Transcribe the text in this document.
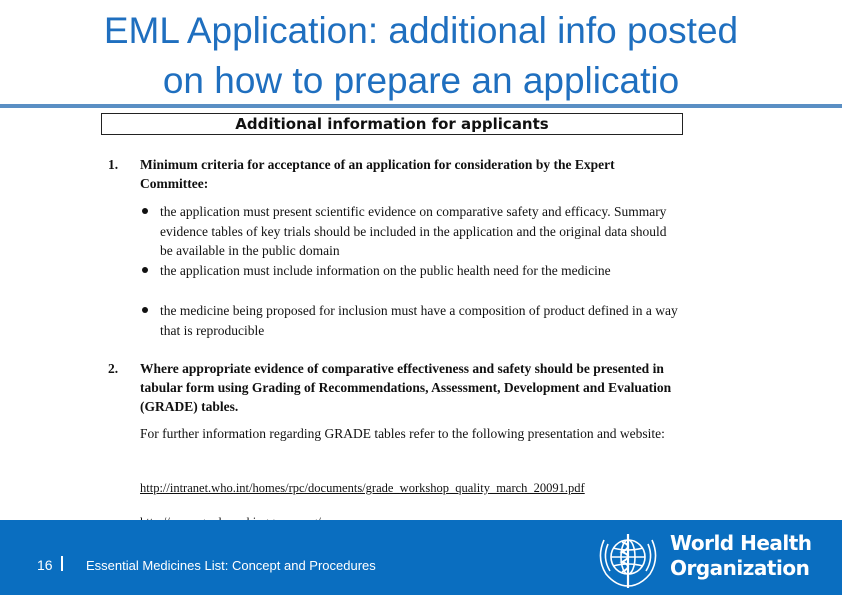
EML Application: additional info posted
on how to prepare an applicatio
Additional information for applicants
1. Minimum criteria for acceptance of an application for consideration by the Expert Committee:
the application must present scientific evidence on comparative safety and efficacy. Summary evidence tables of key trials should be included in the application and the original data should be available in the public domain
the application must include information on the public health need for the medicine
the medicine being proposed for inclusion must have a composition of product defined in a way that is reproducible
2. Where appropriate evidence of comparative effectiveness and safety should be presented in tabular form using Grading of Recommendations, Assessment, Development and Evaluation (GRADE) tables.
For further information regarding GRADE tables refer to the following presentation and website:
http://intranet.who.int/homes/rpc/documents/grade_workshop_quality_march_20091.pdf
16	Essential Medicines List: Concept and Procedures
World Health
Organization
